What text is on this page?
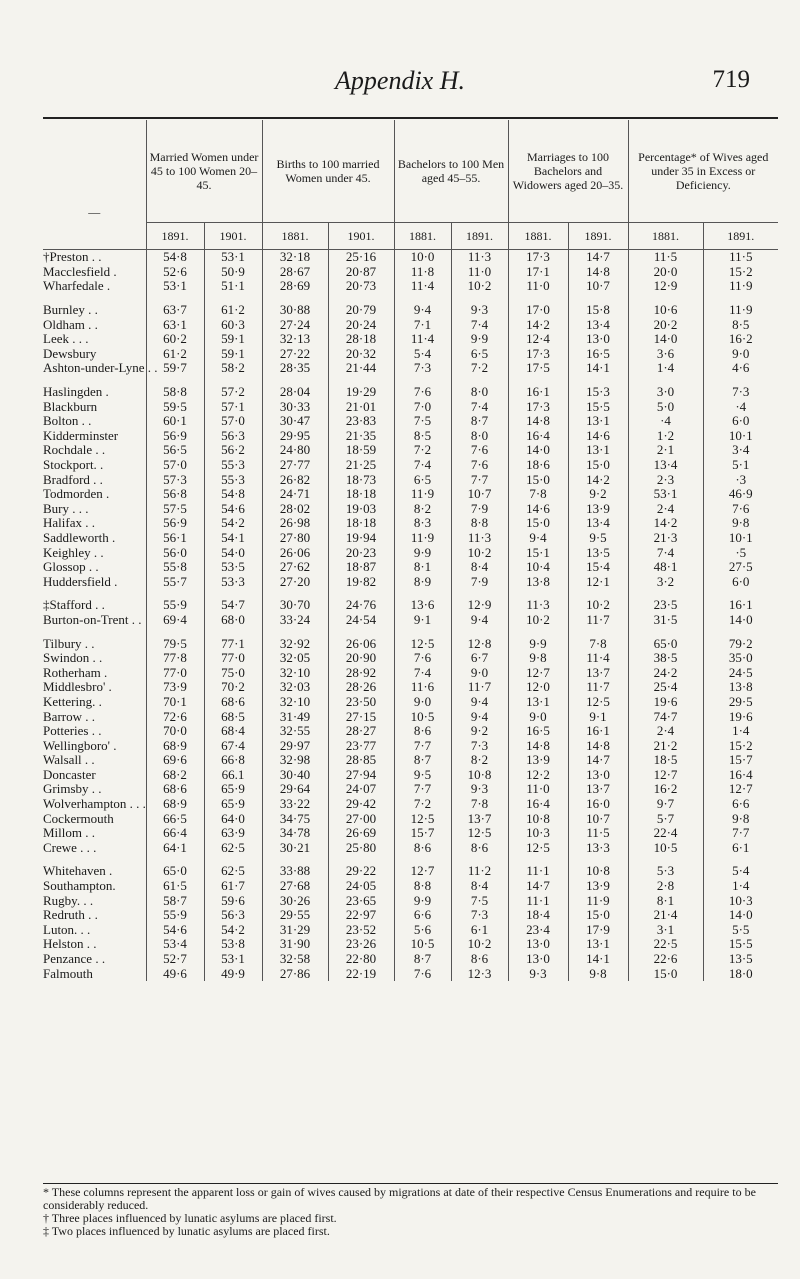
Appendix H.	719
—	Married Women under 45 to 100 Women 20–45.		Births to 100 married Women under 45.		Bachelors to 100 Men aged 45–55.		Marriages to 100 Bachelors and Widowers aged 20–35.		Percentage* of Wives aged under 35 in Excess or Deficiency.	
	1891.	1901.	1881.	1901.	1881.	1891.	1881.	1891.	1881.	1891.
†Preston . .	54·8	53·1	32·18	25·16	10·0	11·3	17·3	14·7	11·5	11·5
Macclesfield .	52·6	50·9	28·67	20·87	11·8	11·0	17·1	14·8	20·0	15·2
Wharfedale .	53·1	51·1	28·69	20·73	11·4	10·2	11·0	10·7	12·9	11·9

Burnley . .	63·7	61·2	30·88	20·79	9·4	9·3	17·0	15·8	10·6	11·9
Oldham . .	63·1	60·3	27·24	20·24	7·1	7·4	14·2	13·4	20·2	8·5
Leek . . .	60·2	59·1	32·13	28·18	11·4	9·9	12·4	13·0	14·0	16·2
Dewsbury	61·2	59·1	27·22	20·32	5·4	6·5	17·3	16·5	3·6	9·0
Ashton-under-Lyne . .	59·7	58·2	28·35	21·44	7·3	7·2	17·5	14·1	1·4	4·6

Haslingden .	58·8	57·2	28·04	19·29	7·6	8·0	16·1	15·3	3·0	7·3
Blackburn	59·5	57·1	30·33	21·01	7·0	7·4	17·3	15·5	5·0	·4
Bolton . .	60·1	57·0	30·47	23·83	7·5	8·7	14·8	13·1	·4	6·0
Kidderminster	56·9	56·3	29·95	21·35	8·5	8·0	16·4	14·6	1·2	10·1
Rochdale . .	56·5	56·2	24·80	18·59	7·2	7·6	14·0	13·1	2·1	3·4
Stockport. .	57·0	55·3	27·77	21·25	7·4	7·6	18·6	15·0	13·4	5·1
Bradford . .	57·3	55·3	26·82	18·73	6·5	7·7	15·0	14·2	2·3	·3
Todmorden .	56·8	54·8	24·71	18·18	11·9	10·7	7·8	9·2	53·1	46·9
Bury . . .	57·5	54·6	28·02	19·03	8·2	7·9	14·6	13·9	2·4	7·6
Halifax . .	56·9	54·2	26·98	18·18	8·3	8·8	15·0	13·4	14·2	9·8
Saddleworth .	56·1	54·1	27·80	19·94	11·9	11·3	9·4	9·5	21·3	10·1
Keighley . .	56·0	54·0	26·06	20·23	9·9	10·2	15·1	13·5	7·4	·5
Glossop . .	55·8	53·5	27·62	18·87	8·1	8·4	10·4	15·4	48·1	27·5
Huddersfield .	55·7	53·3	27·20	19·82	8·9	7·9	13·8	12·1	3·2	6·0

‡Stafford . .	55·9	54·7	30·70	24·76	13·6	12·9	11·3	10·2	23·5	16·1
Burton-on-Trent . .	69·4	68·0	33·24	24·54	9·1	9·4	10·2	11·7	31·5	14·0

Tilbury . .	79·5	77·1	32·92	26·06	12·5	12·8	9·9	7·8	65·0	79·2
Swindon . .	77·8	77·0	32·05	20·90	7·6	6·7	9·8	11·4	38·5	35·0
Rotherham .	77·0	75·0	32·10	28·92	7·4	9·0	12·7	13·7	24·2	24·5
Middlesbro' .	73·9	70·2	32·03	28·26	11·6	11·7	12·0	11·7	25·4	13·8
Kettering. .	70·1	68·6	32·10	23·50	9·0	9·4	13·1	12·5	19·6	29·5
Barrow . .	72·6	68·5	31·49	27·15	10·5	9·4	9·0	9·1	74·7	19·6
Potteries . .	70·0	68·4	32·55	28·27	8·6	9·2	16·5	16·1	2·4	1·4
Wellingboro' .	68·9	67·4	29·97	23·77	7·7	7·3	14·8	14·8	21·2	15·2
Walsall . .	69·6	66·8	32·98	28·85	8·7	8·2	13·9	14·7	18·5	15·7
Doncaster	68·2	66.1	30·40	27·94	9·5	10·8	12·2	13·0	12·7	16·4
Grimsby . .	68·6	65·9	29·64	24·07	7·7	9·3	11·0	13·7	16·2	12·7
Wolverhampton . . .	68·9	65·9	33·22	29·42	7·2	7·8	16·4	16·0	9·7	6·6
Cockermouth	66·5	64·0	34·75	27·00	12·5	13·7	10·8	10·7	5·7	9·8
Millom . .	66·4	63·9	34·78	26·69	15·7	12·5	10·3	11·5	22·4	7·7
Crewe . . .	64·1	62·5	30·21	25·80	8·6	8·6	12·5	13·3	10·5	6·1

Whitehaven .	65·0	62·5	33·88	29·22	12·7	11·2	11·1	10·8	5·3	5·4
Southampton.	61·5	61·7	27·68	24·05	8·8	8·4	14·7	13·9	2·8	1·4
Rugby. . .	58·7	59·6	30·26	23·65	9·9	7·5	11·1	11·9	8·1	10·3
Redruth . .	55·9	56·3	29·55	22·97	6·6	7·3	18·4	15·0	21·4	14·0
Luton. . .	54·6	54·2	31·29	23·52	5·6	6·1	23·4	17·9	3·1	5·5
Helston . .	53·4	53·8	31·90	23·26	10·5	10·2	13·0	13·1	22·5	15·5
Penzance . .	52·7	53·1	32·58	22·80	8·7	8·6	13·0	14·1	22·6	13·5
Falmouth	49·6	49·9	27·86	22·19	7·6	12·3	9·3	9·8	15·0	18·0
* These columns represent the apparent loss or gain of wives caused by migrations at date of their respective Census Enumerations and require to be considerably reduced.
† Three places influenced by lunatic asylums are placed first.
‡ Two places influenced by lunatic asylums are placed first.
